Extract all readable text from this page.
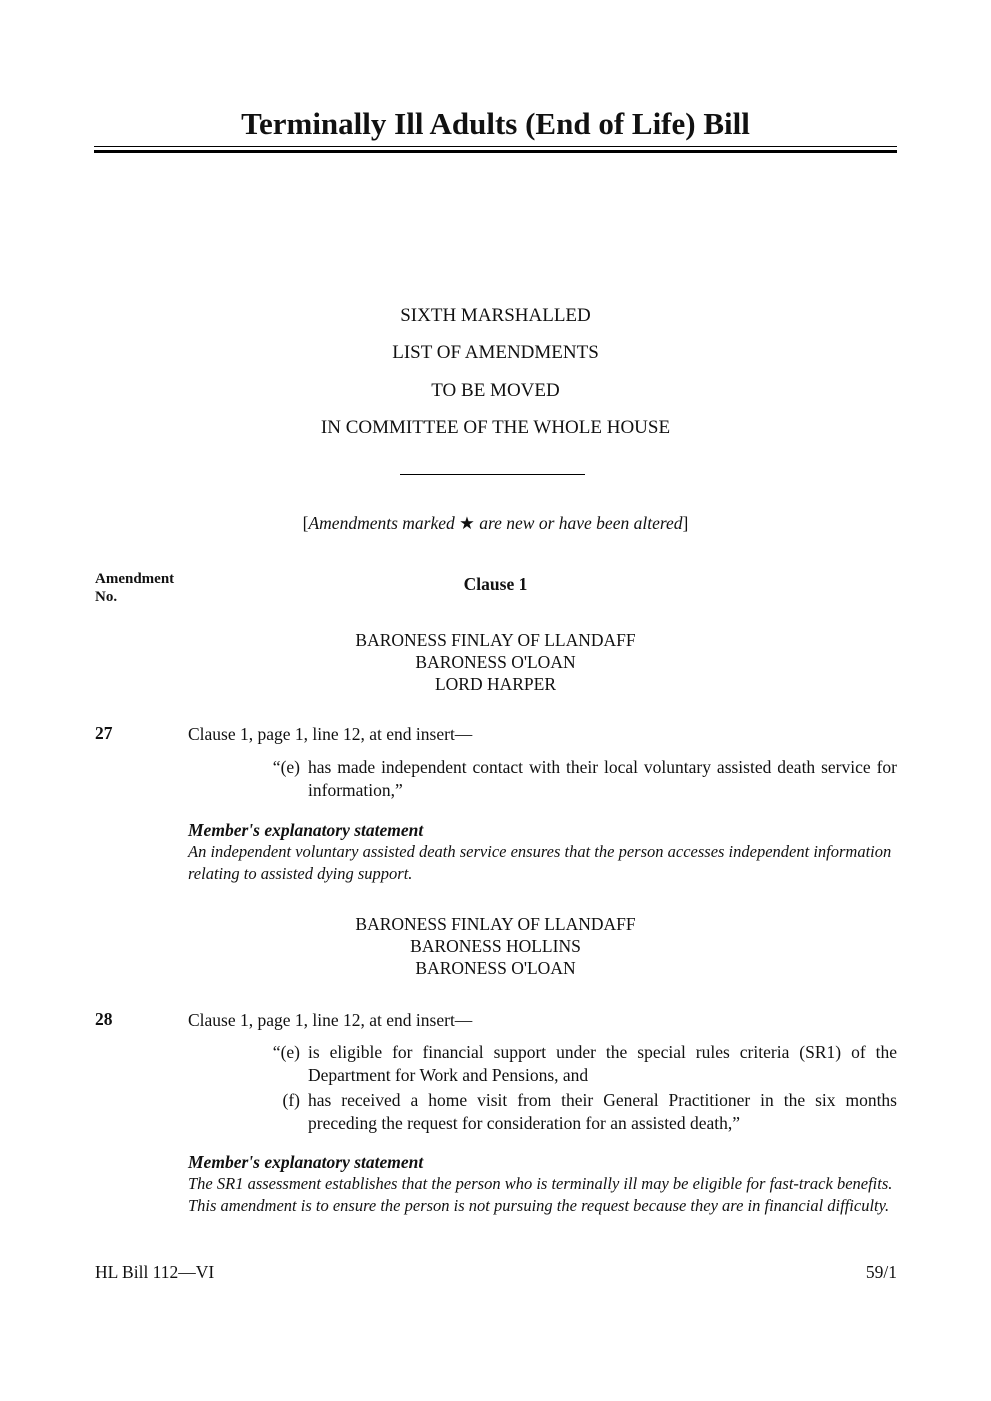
Terminally Ill Adults (End of Life) Bill
SIXTH MARSHALLED
LIST OF AMENDMENTS
TO BE MOVED
IN COMMITTEE OF THE WHOLE HOUSE
[Amendments marked ★ are new or have been altered]
Amendment
No.
Clause 1
BARONESS FINLAY OF LLANDAFF
BARONESS O'LOAN
LORD HARPER
27	Clause 1, page 1, line 12, at end insert—
“(e) has made independent contact with their local voluntary assisted death service for information,”
Member's explanatory statement
An independent voluntary assisted death service ensures that the person accesses independent information relating to assisted dying support.
BARONESS FINLAY OF LLANDAFF
BARONESS HOLLINS
BARONESS O'LOAN
28	Clause 1, page 1, line 12, at end insert—
“(e) is eligible for financial support under the special rules criteria (SR1) of the Department for Work and Pensions, and
(f) has received a home visit from their General Practitioner in the six months preceding the request for consideration for an assisted death,”
Member's explanatory statement
The SR1 assessment establishes that the person who is terminally ill may be eligible for fast-track benefits. This amendment is to ensure the person is not pursuing the request because they are in financial difficulty.
HL Bill 112—VI	59/1
